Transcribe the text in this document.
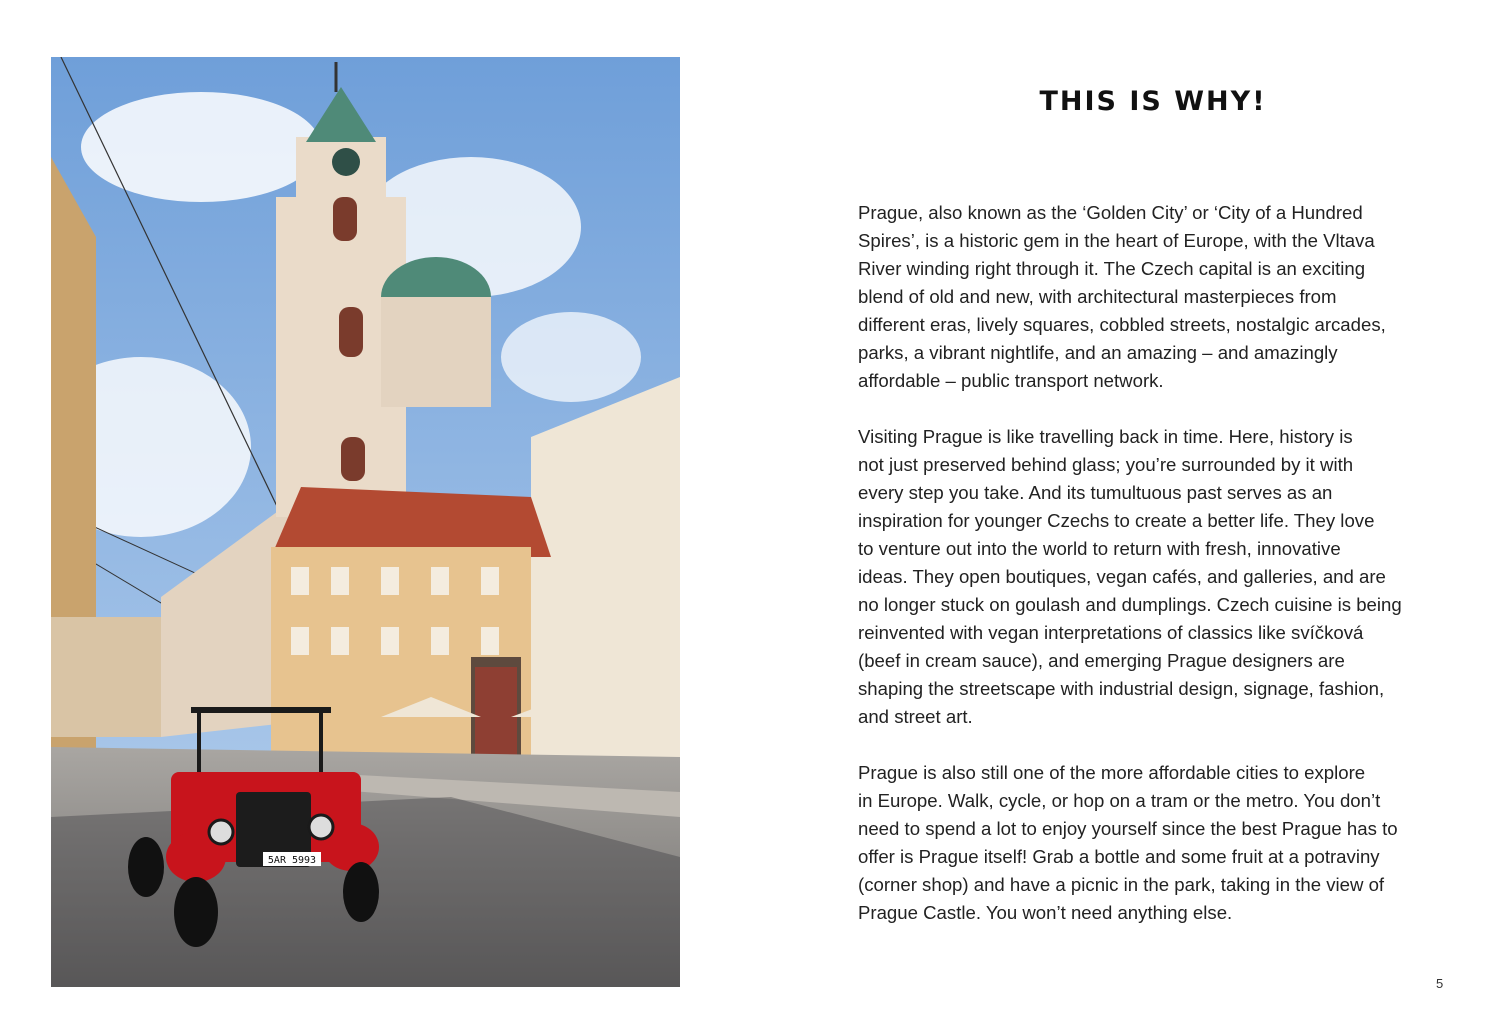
5AR 5993
THIS IS WHY!

Prague, also known as the ‘Golden City’ or ‘City of a Hundred
Spires’, is a historic gem in the heart of Europe, with the Vltava
River winding right through it. The Czech capital is an exciting
blend of old and new, with architectural masterpieces from
different eras, lively squares, cobbled streets, nostalgic arcades,
parks, a vibrant nightlife, and an amazing – and amazingly
affordable – public transport network.

Visiting Prague is like travelling back in time. Here, history is
not just preserved behind glass; you’re surrounded by it with
every step you take. And its tumultuous past serves as an
inspiration for younger Czechs to create a better life. They love
to venture out into the world to return with fresh, innovative
ideas. They open boutiques, vegan cafés, and galleries, and are
no longer stuck on goulash and dumplings. Czech cuisine is being
reinvented with vegan interpretations of classics like svíčková
(beef in cream sauce), and emerging Prague designers are
shaping the streetscape with industrial design, signage, fashion,
and street art.

Prague is also still one of the more affordable cities to explore
in Europe. Walk, cycle, or hop on a tram or the metro. You don’t
need to spend a lot to enjoy yourself since the best Prague has to
offer is Prague itself! Grab a bottle and some fruit at a potraviny
(corner shop) and have a picnic in the park, taking in the view of
Prague Castle. You won’t need anything else.

5
